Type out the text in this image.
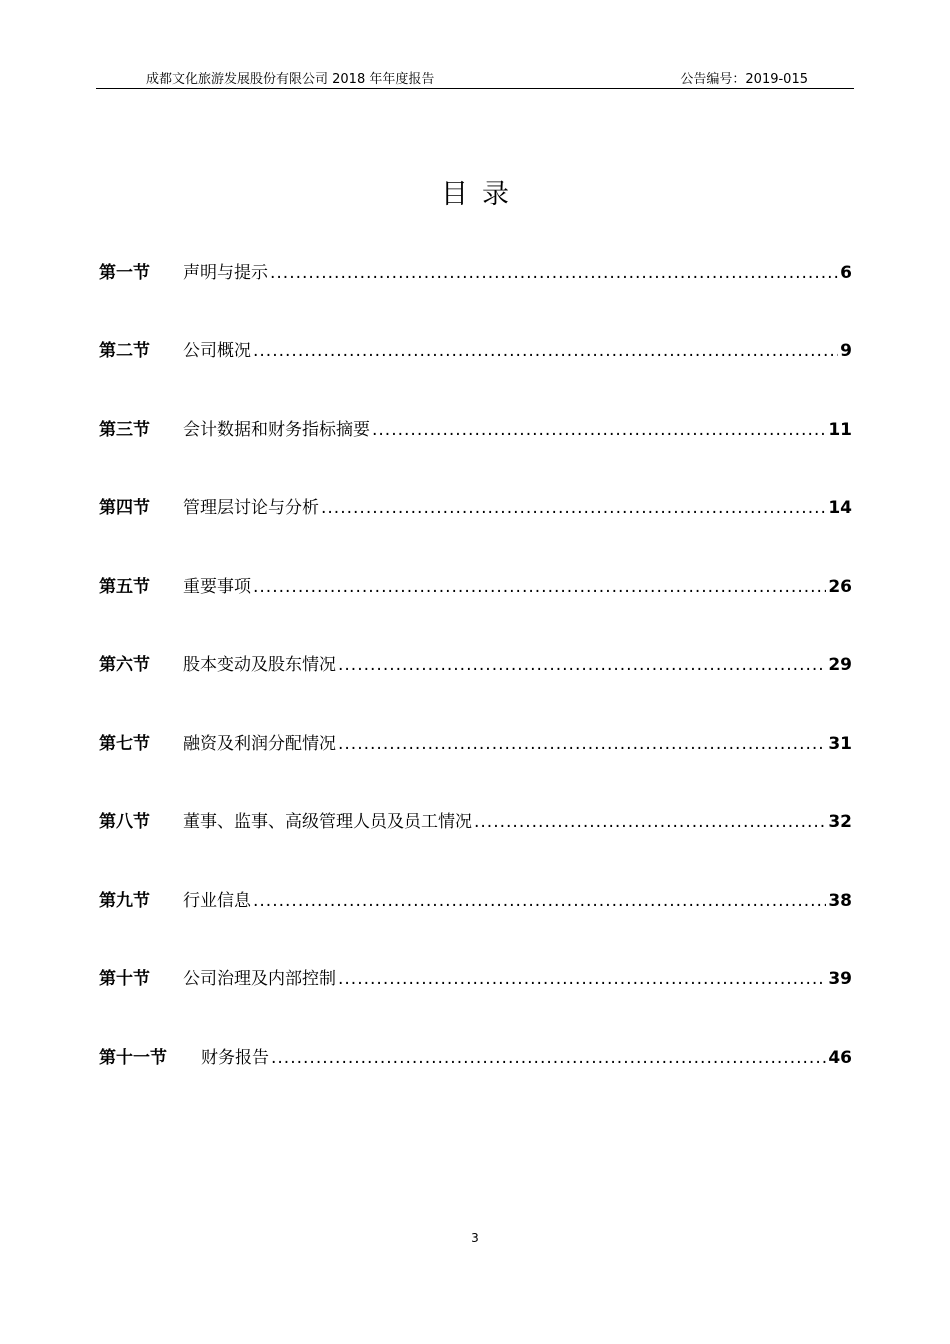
成都文化旅游发展股份有限公司 2018 年年度报告	公告编号：2019-015
目录
第一节	声明与提示 .....	6
第二节	公司概况 .....	9
第三节	会计数据和财务指标摘要 .....	11
第四节	管理层讨论与分析 .....	14
第五节	重要事项 .....	26
第六节	股本变动及股东情况 .....	29
第七节	融资及利润分配情况 .....	31
第八节	董事、监事、高级管理人员及员工情况 .....	32
第九节	行业信息 .....	38
第十节	公司治理及内部控制 .....	39
第十一节	财务报告 .....	46
3
